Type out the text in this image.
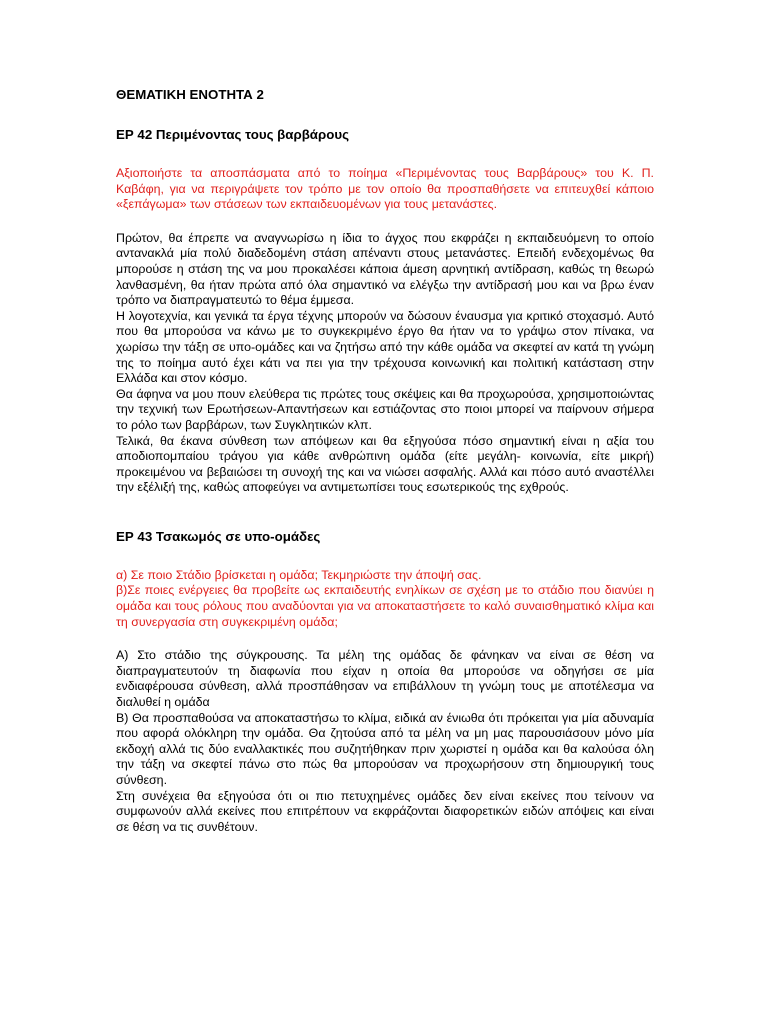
ΘΕΜΑΤΙΚΗ ΕΝΟΤΗΤΑ 2
ΕΡ 42 Περιμένοντας τους βαρβάρους

Αξιοποιήστε τα αποσπάσματα από το ποίημα «Περιμένοντας τους Βαρβάρους» του Κ. Π. Καβάφη, για να περιγράψετε τον τρόπο με τον οποίο θα προσπαθήσετε να επιτευχθεί κάποιο «ξεπάγωμα» των στάσεων των εκπαιδευομένων για τους μετανάστες.

Πρώτον, θα έπρεπε να αναγνωρίσω η ίδια το άγχος που εκφράζει η εκπαιδευόμενη το οποίο αντανακλά μία πολύ διαδεδομένη στάση απέναντι στους μετανάστες. Επειδή ενδεχομένως θα μπορούσε η στάση της να μου προκαλέσει κάποια άμεση αρνητική αντίδραση, καθώς τη θεωρώ λανθασμένη, θα ήταν πρώτα από όλα σημαντικό να ελέγξω την αντίδρασή μου και να βρω έναν τρόπο να διαπραγματευτώ το θέμα έμμεσα.

Η λογοτεχνία, και γενικά τα έργα τέχνης μπορούν να δώσουν έναυσμα για κριτικό στοχασμό. Αυτό που θα μπορούσα να κάνω με το συγκεκριμένο έργο θα ήταν να το γράψω στον πίνακα, να χωρίσω την τάξη σε υπο-ομάδες και να ζητήσω από την κάθε ομάδα να σκεφτεί αν κατά τη γνώμη της το ποίημα αυτό έχει κάτι να πει για την τρέχουσα κοινωνική και πολιτική κατάσταση στην Ελλάδα και στον κόσμο.

Θα άφηνα να μου πουν ελεύθερα τις πρώτες τους σκέψεις και θα προχωρούσα, χρησιμοποιώντας την τεχνική των Ερωτήσεων-Απαντήσεων και εστιάζοντας στο ποιοι μπορεί να παίρνουν σήμερα το ρόλο των βαρβάρων, των Συγκλητικών κλπ.

Τελικά, θα έκανα σύνθεση των απόψεων και θα εξηγούσα πόσο σημαντική είναι η αξία του αποδιοπομπαίου τράγου για κάθε ανθρώπινη ομάδα (είτε μεγάλη- κοινωνία, είτε μικρή) προκειμένου να βεβαιώσει τη συνοχή της και να νιώσει ασφαλής. Αλλά και πόσο αυτό αναστέλλει την εξέλιξή της, καθώς αποφεύγει να αντιμετωπίσει τους εσωτερικούς της εχθρούς.

ΕΡ 43 Τσακωμός σε υπο-ομάδες

α) Σε ποιο Στάδιο βρίσκεται η ομάδα; Τεκμηριώστε την άποψή σας.

β)Σε ποιες ενέργειες θα προβείτε ως εκπαιδευτής ενηλίκων σε σχέση με το στάδιο που διανύει η ομάδα και τους ρόλους που αναδύονται για να αποκαταστήσετε το καλό συναισθηματικό κλίμα και τη συνεργασία στη συγκεκριμένη ομάδα;

Α) Στο στάδιο της σύγκρουσης. Τα μέλη της ομάδας δε φάνηκαν να είναι σε θέση να διαπραγματευτούν τη διαφωνία που είχαν η οποία θα μπορούσε να οδηγήσει σε μία ενδιαφέρουσα σύνθεση, αλλά προσπάθησαν να επιβάλλουν τη γνώμη τους με αποτέλεσμα να διαλυθεί η ομάδα

Β) Θα προσπαθούσα να αποκαταστήσω το κλίμα, ειδικά αν ένιωθα ότι πρόκειται για μία αδυναμία που αφορά ολόκληρη την ομάδα. Θα ζητούσα από τα μέλη να μη μας παρουσιάσουν μόνο μία εκδοχή αλλά τις δύο εναλλακτικές που συζητήθηκαν πριν χωριστεί η ομάδα και θα καλούσα όλη την τάξη να σκεφτεί πάνω στο πώς θα μπορούσαν να προχωρήσουν στη δημιουργική τους σύνθεση.

Στη συνέχεια θα εξηγούσα ότι οι πιο πετυχημένες ομάδες δεν είναι εκείνες που τείνουν να συμφωνούν αλλά εκείνες που επιτρέπουν να εκφράζονται διαφορετικών ειδών απόψεις και είναι σε θέση να τις συνθέτουν.
